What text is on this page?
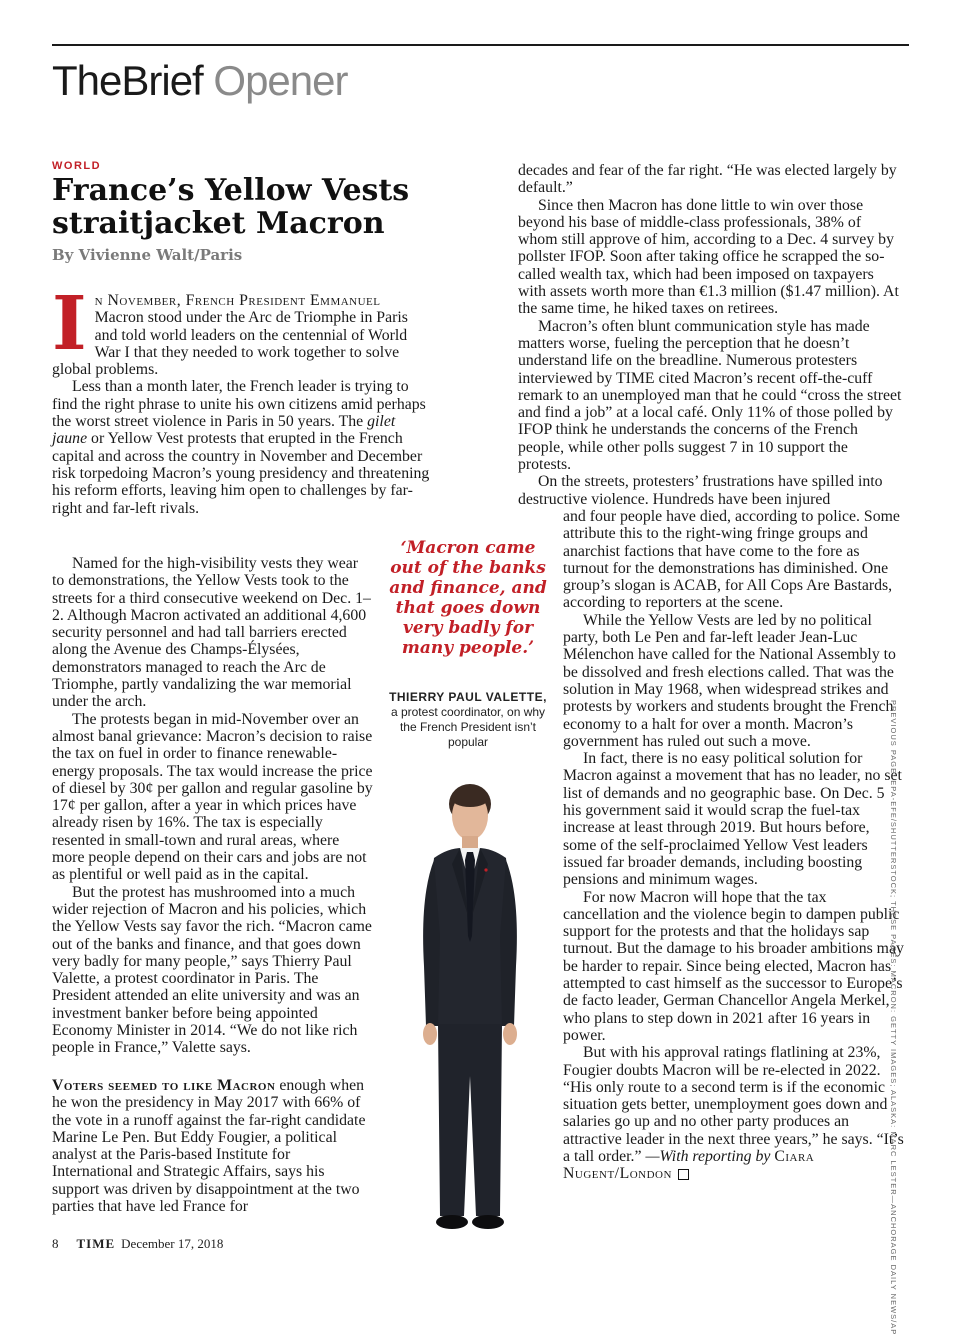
TheBrief Opener
WORLD
France’s Yellow Vests straitjacket Macron
By Vivienne Walt/Paris

In November, French President Emmanuel Macron stood under the Arc de Triomphe in Paris and told world leaders on the centennial of World War I that they needed to work together to solve global problems.

Less than a month later, the French leader is trying to find the right phrase to unite his own citizens amid perhaps the worst street violence in Paris in 50 years. The gilet jaune or Yellow Vest protests that erupted in the French capital and across the country in November and December risk torpedoing Macron’s young presidency and threatening his reform efforts, leaving him open to challenges by far-right and far-left rivals.

Named for the high-visibility vests they wear to demonstrations, the Yellow Vests took to the streets for a third consecutive weekend on Dec. 1–2. Although Macron activated an additional 4,600 security personnel and had tall barriers erected along the Avenue des Champs-Élysées, demonstrators managed to reach the Arc de Triomphe, partly vandalizing the war memorial under the arch.

The protests began in mid-November over an almost banal grievance: Macron’s decision to raise the tax on fuel in order to finance renewable-energy proposals. The tax would increase the price of diesel by 30¢ per gallon and regular gasoline by 17¢ per gallon, after a year in which prices have already risen by 16%. The tax is especially resented in small-town and rural areas, where more people depend on their cars and jobs are not as plentiful or well paid as in the capital.

But the protest has mushroomed into a much wider rejection of Macron and his policies, which the Yellow Vests say favor the rich. “Macron came out of the banks and finance, and that goes down very badly for many people,” says Thierry Paul Valette, a protest coordinator in Paris. The President attended an elite university and was an investment banker before being appointed Economy Minister in 2014. “We do not like rich people in France,” Valette says.

Voters seemed to like Macron enough when he won the presidency in May 2017 with 66% of the vote in a runoff against the far-right candidate Marine Le Pen. But Eddy Fougier, a political analyst at the Paris-based Institute for International and Strategic Affairs, says his support was driven by disappointment at the two parties that have led France for

decades and fear of the far right. “He was elected largely by default.”

Since then Macron has done little to win over those beyond his base of middle-class professionals, 38% of whom still approve of him, according to a Dec. 4 survey by pollster IFOP. Soon after taking office he scrapped the so-called wealth tax, which had been imposed on taxpayers with assets worth more than €1.3 million ($1.47 million). At the same time, he hiked taxes on retirees.

Macron’s often blunt communication style has made matters worse, fueling the perception that he doesn’t understand life on the breadline. Numerous protesters interviewed by TIME cited Macron’s recent off-the-cuff remark to an unemployed man that he could “cross the street and find a job” at a local café. Only 11% of those polled by IFOP think he understands the concerns of the French people, while other polls suggest 7 in 10 support the protests.

On the streets, protesters’ frustrations have spilled into destructive violence. Hundreds have been injured

and four people have died, according to police. Some attribute this to the right-wing fringe groups and anarchist factions that have come to the fore as turnout for the demonstrations has diminished. One group’s slogan is ACAB, for All Cops Are Bastards, according to reporters at the scene.

While the Yellow Vests are led by no political party, both Le Pen and far-left leader Jean-Luc Mélenchon have called for the National Assembly to be dissolved and fresh elections called. That was the solution in May 1968, when widespread strikes and protests by workers and students brought the French economy to a halt for over a month. Macron’s government has ruled out such a move.

In fact, there is no easy political solution for Macron against a movement that has no leader, no set list of demands and no geographic base. On Dec. 5 his government said it would scrap the fuel-tax increase at least through 2019. But hours before, some of the self-proclaimed Yellow Vest leaders issued far broader demands, including boosting pensions and minimum wages.

For now Macron will hope that the tax cancellation and the violence begin to dampen public support for the protests and that the holidays sap turnout. But the damage to his broader ambitions may be harder to repair. Since being elected, Macron has attempted to cast himself as the successor to Europe’s de facto leader, German Chancellor Angela Merkel, who plans to step down in 2021 after 16 years in power.

But with his approval ratings flatlining at 23%, Fougier doubts Macron will be re-elected in 2022. “His only route to a second term is if the economic situation gets better, unemployment goes down and salaries go up and no other party produces an attractive leader in the next three years,” he says. “It’s a tall order.” —With reporting by Ciara Nugent/London

‘Macron came out of the banks and finance, and that goes down very badly for many people.’
THIERRY PAUL VALETTE,
a protest coordinator, on why the French President isn’t popular	PREVIOUS PAGE: EPA-EFE/SHUTTERSTOCK; THESE PAGES: MACRON: GETTY IMAGES; ALASKA: MARC LESTER—ANCHORAGE DAILY NEWS/AP
8 TIME December 17, 2018
